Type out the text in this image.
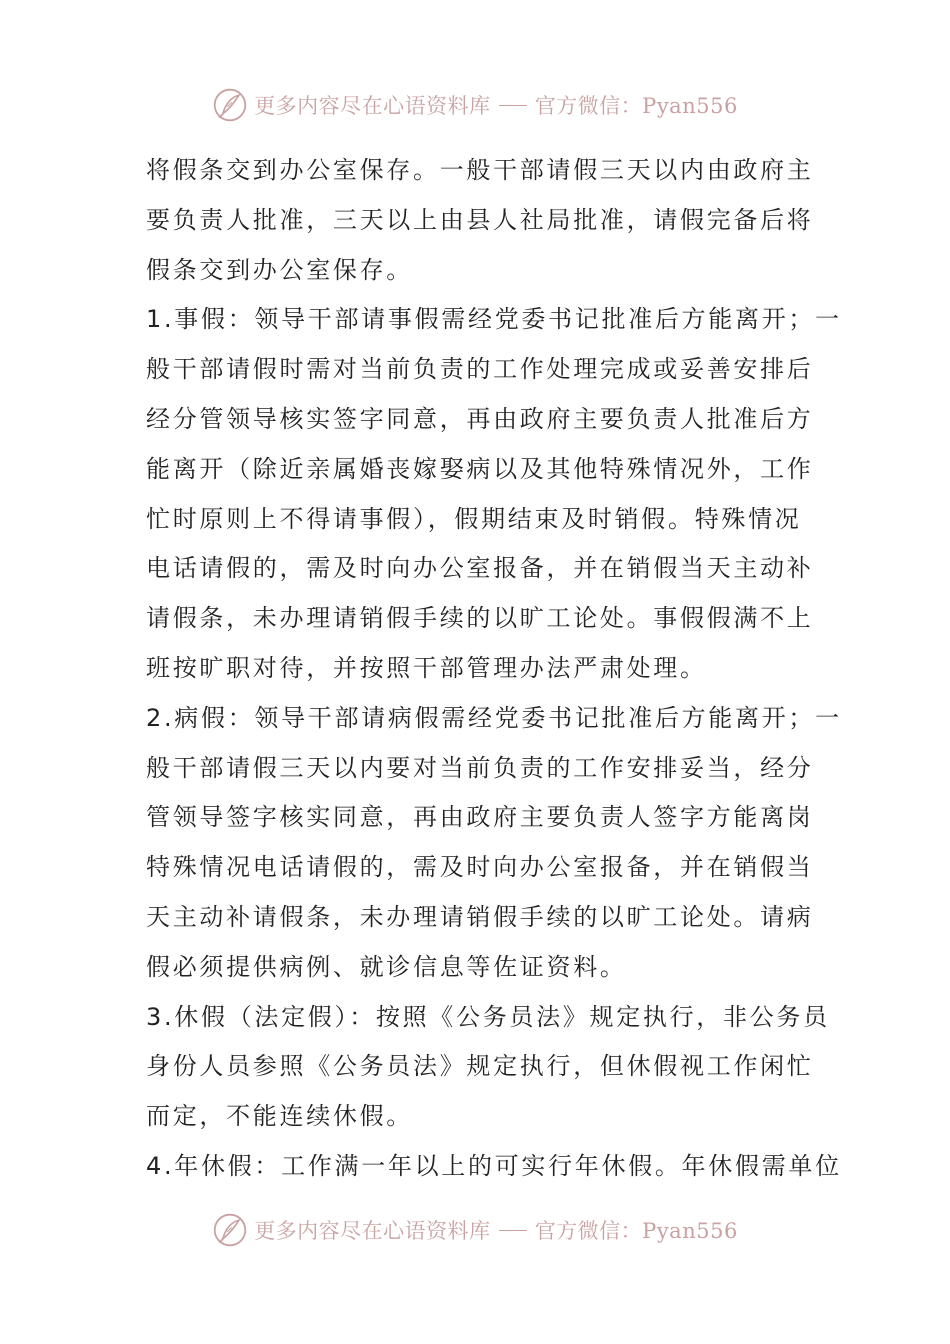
更多内容尽在心语资料库 官方微信：Pyan556
将假条交到办公室保存。一般干部请假三天以内由政府主
要负责人批准，三天以上由县人社局批准，请假完备后将
假条交到办公室保存。
1.事假：领导干部请事假需经党委书记批准后方能离开；一
般干部请假时需对当前负责的工作处理完成或妥善安排后
经分管领导核实签字同意，再由政府主要负责人批准后方
能离开（除近亲属婚丧嫁娶病以及其他特殊情况外，工作
忙时原则上不得请事假），假期结束及时销假。特殊情况
电话请假的，需及时向办公室报备，并在销假当天主动补
请假条，未办理请销假手续的以旷工论处。事假假满不上
班按旷职对待，并按照干部管理办法严肃处理。
2.病假：领导干部请病假需经党委书记批准后方能离开；一
般干部请假三天以内要对当前负责的工作安排妥当，经分
管领导签字核实同意，再由政府主要负责人签字方能离岗
特殊情况电话请假的，需及时向办公室报备，并在销假当
天主动补请假条，未办理请销假手续的以旷工论处。请病
假必须提供病例、就诊信息等佐证资料。
3.休假（法定假）：按照《公务员法》规定执行，非公务员
身份人员参照《公务员法》规定执行，但休假视工作闲忙
而定，不能连续休假。
4.年休假：工作满一年以上的可实行年休假。年休假需单位
更多内容尽在心语资料库 官方微信：Pyan556
